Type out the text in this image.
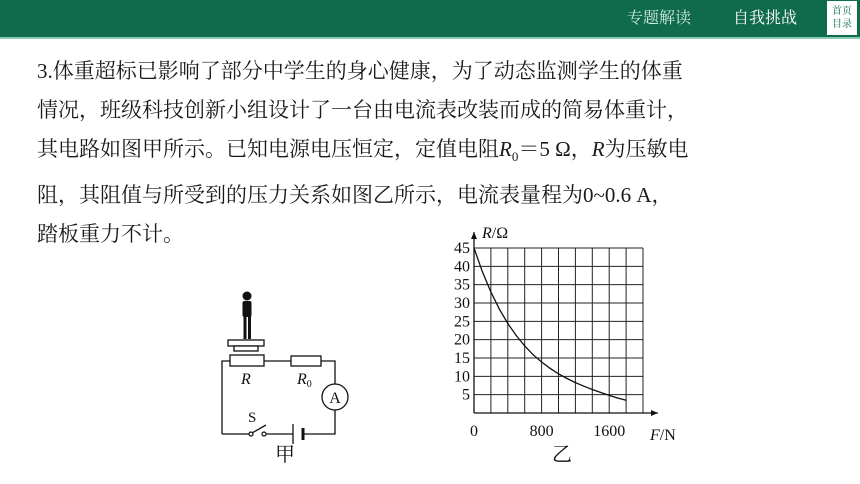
专题解读	自我挑战	首页
目录
3.体重超标已影响了部分中学生的身心健康，为了动态监测学生的体重
情况，班级科技创新小组设计了一台由电流表改装而成的简易体重计，
其电路如图甲所示。已知电源电压恒定，定值电阻$R_0=5$ Ω，R为压敏电
阻，其阻值与所受到的压力关系如图乙所示，电流表量程为0~0.6 A，
踏板重力不计。
A
R	R0
S
甲
5
10
15
20
25
30
35
40
45
0	800 1600
R/Ω
F/N
乙
